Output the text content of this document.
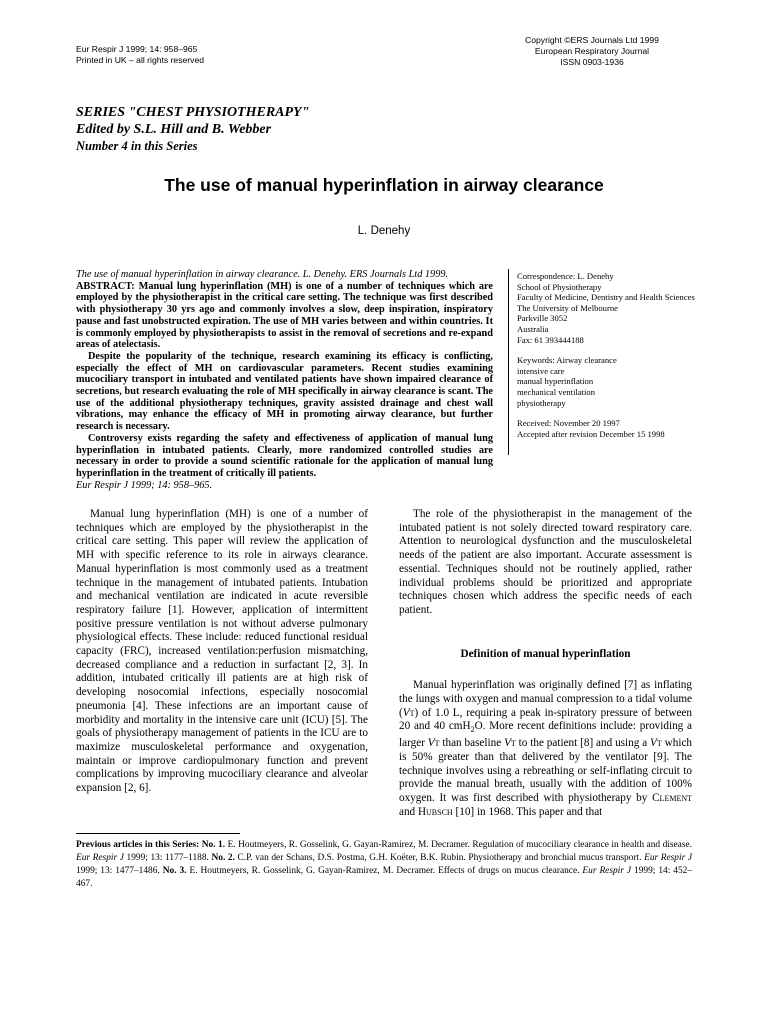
Eur Respir J 1999; 14: 958–965
Printed in UK – all rights reserved
Copyright ©ERS Journals Ltd 1999
European Respiratory Journal
ISSN 0903-1936
SERIES "CHEST PHYSIOTHERAPY"
Edited by S.L. Hill and B. Webber
Number 4 in this Series
The use of manual hyperinflation in airway clearance
L. Denehy

The use of manual hyperinflation in airway clearance. L. Denehy. ERS Journals Ltd 1999.

ABSTRACT: Manual lung hyperinflation (MH) is one of a number of techniques which are employed by the physiotherapist in the critical care setting. The technique was first described with physiotherapy 30 yrs ago and commonly involves a slow, deep inspiration, inspiratory pause and fast unobstructed expiration. The use of MH varies between and within countries. It is commonly employed by physiotherapists to assist in the removal of secretions and re-expand areas of atelectasis.

Despite the popularity of the technique, research examining its efficacy is conflicting, especially the effect of MH on cardiovascular parameters. Recent studies examining mucociliary transport in intubated and ventilated patients have shown impaired clearance of secretions, but research evaluating the role of MH specifically in airway clearance is scant. The use of the additional physiotherapy techniques, gravity assisted drainage and chest wall vibrations, may enhance the efficacy of MH in promoting airway clearance, but further research is necessary.

Controversy exists regarding the safety and effectiveness of application of manual lung hyperinflation in intubated patients. Clearly, more randomized controlled studies are necessary in order to provide a sound scientific rationale for the application of manual lung hyperinflation in the treatment of critically ill patients.

Eur Respir J 1999; 14: 958–965.

Correspondence: L. Denehy
School of Physiotherapy
Faculty of Medicine, Dentistry and Health Sciences
The University of Melbourne
Parkville 3052
Australia
Fax: 61 393444188
Keywords: Airway clearance
intensive care
manual hyperinflation
mechanical ventilation
physiotherapy
Received: November 20 1997
Accepted after revision December 15 1998

Manual lung hyperinflation (MH) is one of a number of techniques which are employed by the physiotherapist in the critical care setting. This paper will review the application of MH with specific reference to its role in airways clearance. Manual hyperinflation is most commonly used as a treatment technique in the management of intubated patients. Intubation and mechanical ventilation are indicated in acute reversible respiratory failure [1]. However, application of intermittent positive pressure ventilation is not without adverse pulmonary physiological effects. These include: reduced functional residual capacity (FRC), increased ventilation:perfusion mismatching, decreased compliance and a reduction in surfactant [2, 3]. In addition, intubated critically ill patients are at high risk of developing nosocomial infections, especially nosocomial pneumonia [4]. These infections are an important cause of morbidity and mortality in the intensive care unit (ICU) [5]. The goals of physiotherapy management of patients in the ICU are to maximize musculoskeletal performance and oxygenation, maintain or improve cardiopulmonary function and prevent complications by improving mucociliary clearance and alveolar expansion [2, 6].

The role of the physiotherapist in the management of the intubated patient is not solely directed toward respiratory care. Attention to neurological dysfunction and the musculoskeletal needs of the patient are also important. Accurate assessment is essential. Techniques should not be routinely applied, rather individual problems should be prioritized and appropriate techniques chosen which address the specific needs of each patient.

Definition of manual hyperinflation

Manual hyperinflation was originally defined [7] as inflating the lungs with oxygen and manual compression to a tidal volume (VT) of 1.0 L, requiring a peak in-spiratory pressure of between 20 and 40 cmH$_2$O. More recent definitions include: providing a larger VT than baseline VT to the patient [8] and using a VT which is 50% greater than that delivered by the ventilator [9]. The technique involves using a rebreathing or self-inflating circuit to provide the manual breath, usually with the addition of 100% oxygen. It was first described with physiotherapy by Clement and Hubsch [10] in 1968. This paper and that

Previous articles in this Series: No. 1. E. Houtmeyers, R. Gosselink, G. Gayan-Ramirez, M. Decramer. Regulation of mucociliary clearance in health and disease. Eur Respir J 1999; 13: 1177–1188. No. 2. C.P. van der Schans, D.S. Postma, G.H. Koëter, B.K. Rubin. Physiotherapy and bronchial mucus transport. Eur Respir J 1999; 13: 1477–1486. No. 3. E. Houtmeyers, R. Gosselink, G. Gayan-Ramirez, M. Decramer. Effects of drugs on mucus clearance. Eur Respir J 1999; 14: 452–467.
